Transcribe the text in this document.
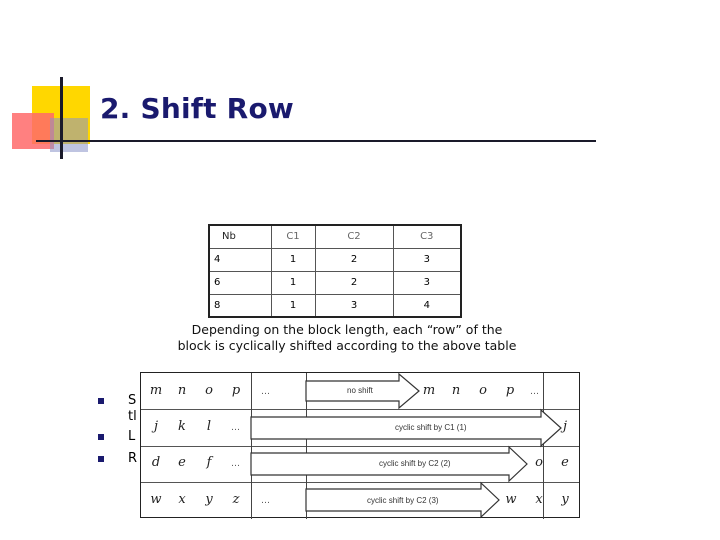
2. Shift Row
Nb	C1	C2	C3
4	1	2	3
6	1	2	3
8	1	3	4
Depending on the block length, each “row” of the
block is cyclically shifted according to the above table
S
tl
L
R
m	n	o	p	…	no shift	m	n	o	p	…
j	k	l	…	cyclic shift by C1 (1)	j
d	e	f	…	cyclic shift by C2 (2)	o	e
w	x	y	z	…	cyclic shift by C2 (3)	w	x	y
